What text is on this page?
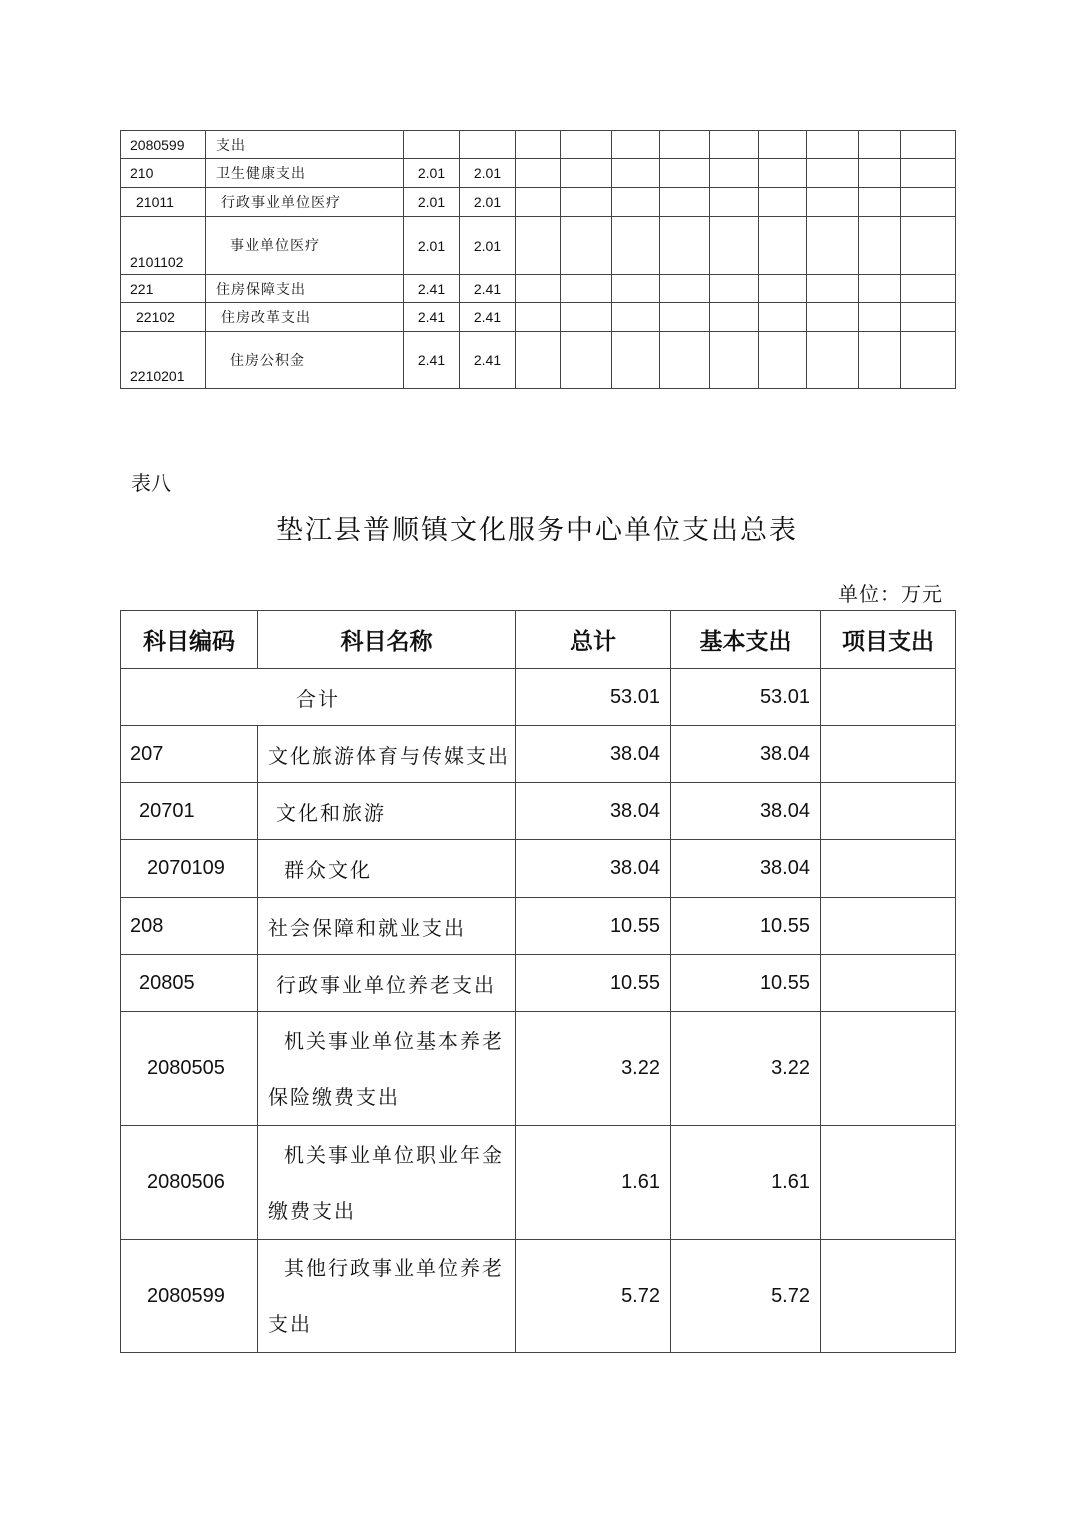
2080599	支出											
210	卫生健康支出	2.01	2.01									
21011	行政事业单位医疗	2.01	2.01									
2101102	事业单位医疗	2.01	2.01									
221	住房保障支出	2.41	2.41									
22102	住房改革支出	2.41	2.41									
2210201	住房公积金	2.41	2.41									
表八
垫江县普顺镇文化服务中心单位支出总表
单位：万元
科目编码	科目名称	总计	基本支出	项目支出
合计		53.01	53.01	
207	文化旅游体育与传媒支出	38.04	38.04	
20701	文化和旅游	38.04	38.04	
2070109	群众文化	38.04	38.04	
208	社会保障和就业支出	10.55	10.55	
20805	行政事业单位养老支出	10.55	10.55	
2080505	机关事业单位基本养老
保险缴费支出	3.22	3.22	
2080506	机关事业单位职业年金
缴费支出	1.61	1.61	
2080599	其他行政事业单位养老
支出	5.72	5.72	
